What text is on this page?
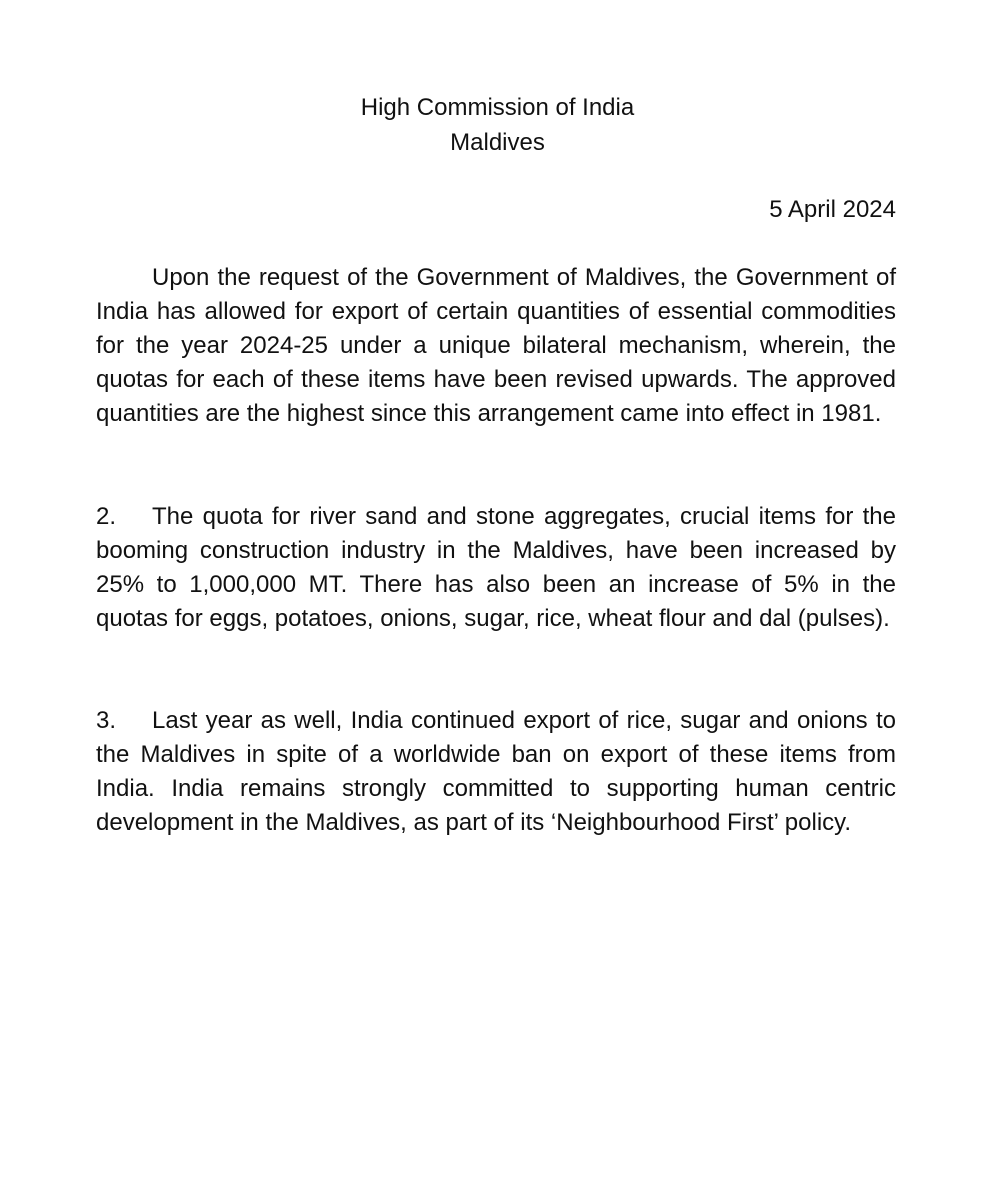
High Commission of India
Maldives
5 April 2024
Upon the request of the Government of Maldives, the Government of India has allowed for export of certain quantities of essential commodities for the year 2024-25 under a unique bilateral mechanism, wherein, the quotas for each of these items have been revised upwards. The approved quantities are the highest since this arrangement came into effect in 1981.
2. The quota for river sand and stone aggregates, crucial items for the booming construction industry in the Maldives, have been increased by 25% to 1,000,000 MT. There has also been an increase of 5% in the quotas for eggs, potatoes, onions, sugar, rice, wheat flour and dal (pulses).
3. Last year as well, India continued export of rice, sugar and onions to the Maldives in spite of a worldwide ban on export of these items from India. India remains strongly committed to supporting human centric development in the Maldives, as part of its ‘Neighbourhood First’ policy.
